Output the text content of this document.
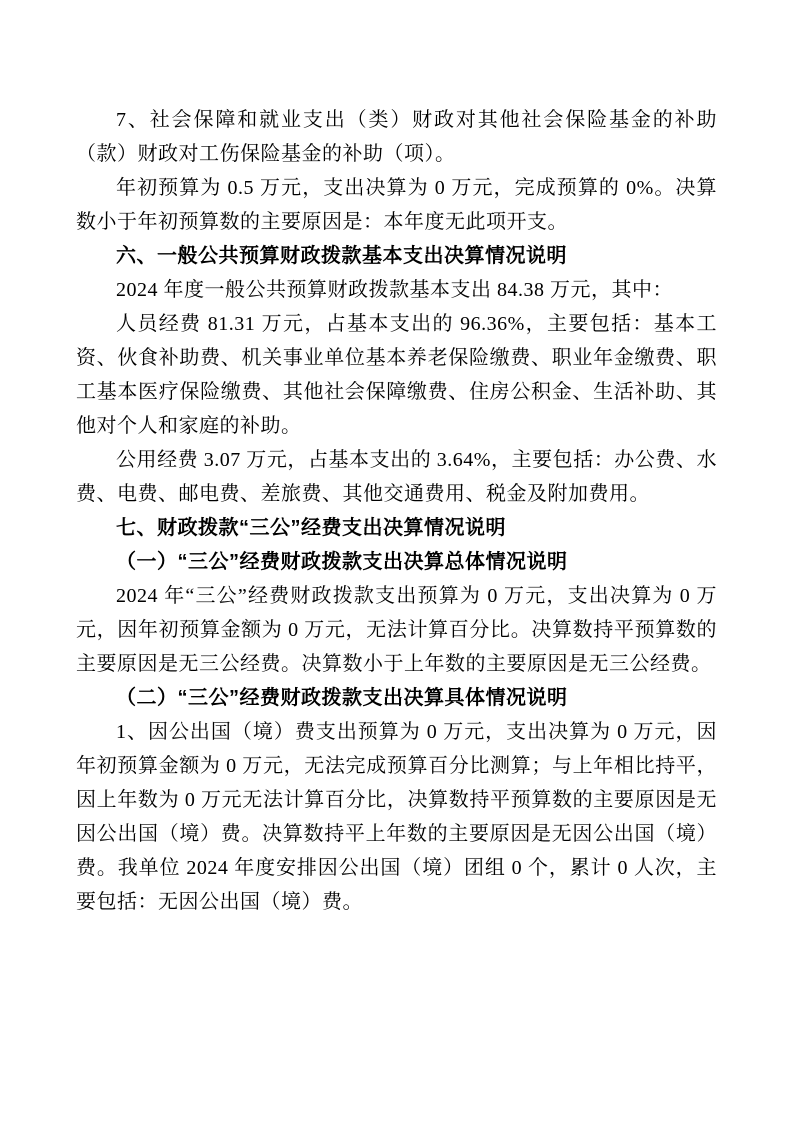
7、社会保障和就业支出（类）财政对其他社会保险基金的补助（款）财政对工伤保险基金的补助（项）。

年初预算为 0.5 万元，支出决算为 0 万元，完成预算的 0%。决算数小于年初预算数的主要原因是：本年度无此项开支。

六、一般公共预算财政拨款基本支出决算情况说明

2024 年度一般公共预算财政拨款基本支出 84.38 万元，其中：

人员经费 81.31 万元，占基本支出的 96.36%，主要包括：基本工资、伙食补助费、机关事业单位基本养老保险缴费、职业年金缴费、职工基本医疗保险缴费、其他社会保障缴费、住房公积金、生活补助、其他对个人和家庭的补助。

公用经费 3.07 万元，占基本支出的 3.64%，主要包括：办公费、水费、电费、邮电费、差旅费、其他交通费用、税金及附加费用。

七、财政拨款“三公”经费支出决算情况说明
（一）“三公”经费财政拨款支出决算总体情况说明

2024 年“三公”经费财政拨款支出预算为 0 万元，支出决算为 0 万元，因年初预算金额为 0 万元，无法计算百分比。决算数持平预算数的主要原因是无三公经费。决算数小于上年数的主要原因是无三公经费。

（二）“三公”经费财政拨款支出决算具体情况说明

1、因公出国（境）费支出预算为 0 万元，支出决算为 0 万元，因年初预算金额为 0 万元，无法完成预算百分比测算；与上年相比持平，因上年数为 0 万元无法计算百分比，决算数持平预算数的主要原因是无因公出国（境）费。决算数持平上年数的主要原因是无因公出国（境）费。我单位 2024 年度安排因公出国（境）团组 0 个，累计 0 人次，主要包括：无因公出国（境）费。
